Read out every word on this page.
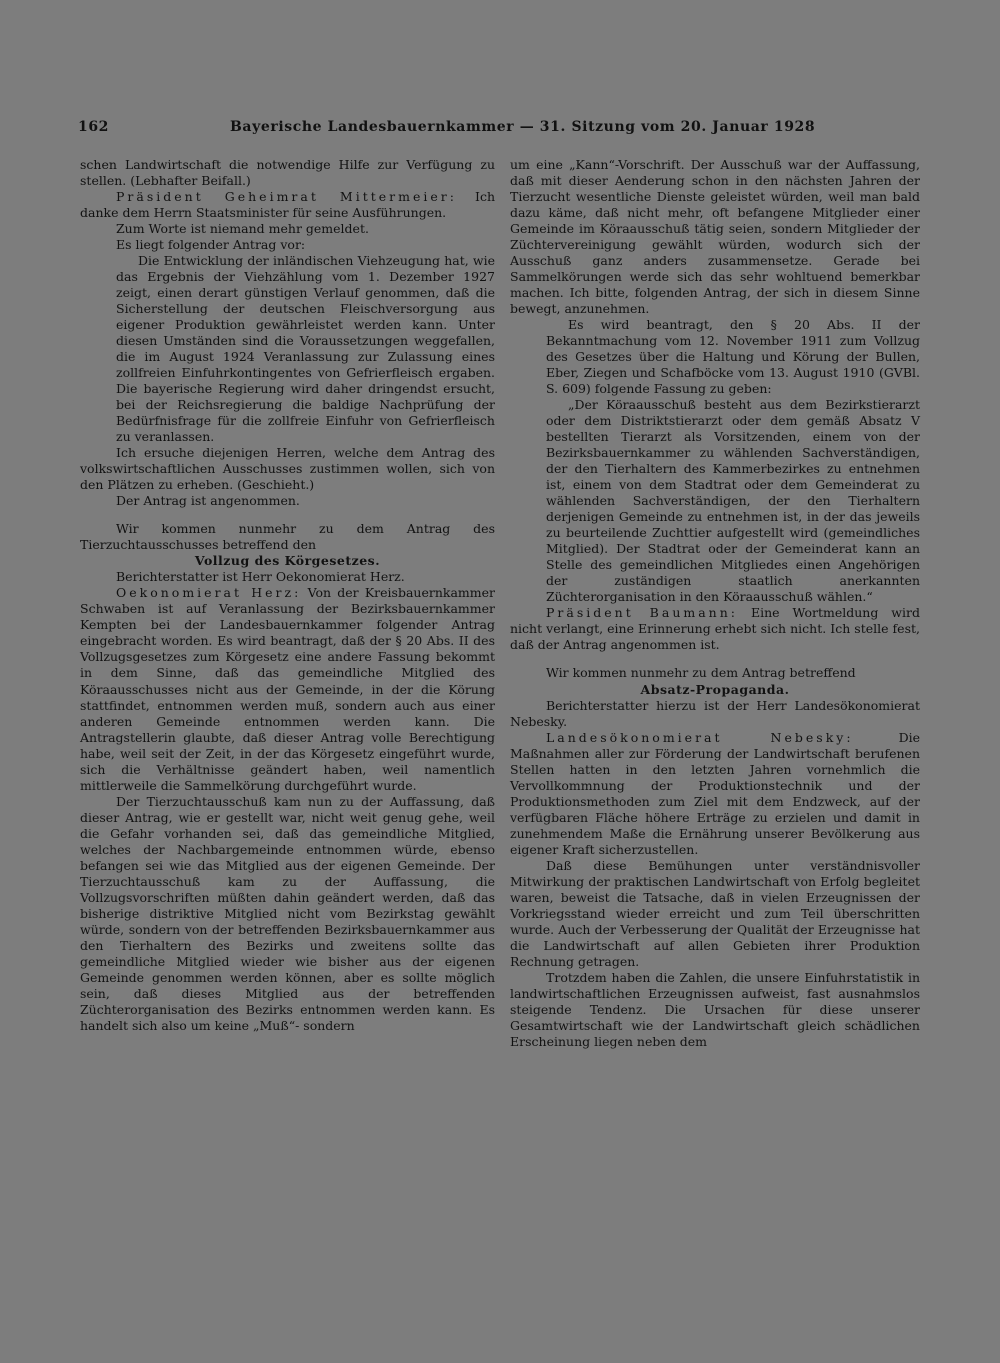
162	Bayerische Landesbauernkammer — 31. Sitzung vom 20. Januar 1928

schen Landwirtschaft die notwendige Hilfe zur Verfügung zu stellen. (Lebhafter Beifall.)

Präsident Geheimrat Mittermeier: Ich danke dem Herrn Staatsminister für seine Ausführungen.

Zum Worte ist niemand mehr gemeldet.

Es liegt folgender Antrag vor:

Die Entwicklung der inländischen Viehzeugung hat, wie das Ergebnis der Viehzählung vom 1. Dezember 1927 zeigt, einen derart günstigen Verlauf genommen, daß die Sicherstellung der deutschen Fleischversorgung aus eigener Produktion gewährleistet werden kann. Unter diesen Umständen sind die Voraussetzungen weggefallen, die im August 1924 Veranlassung zur Zulassung eines zollfreien Einfuhrkontingentes von Gefrierfleisch ergaben. Die bayerische Regierung wird daher dringendst ersucht, bei der Reichsregierung die baldige Nachprüfung der Bedürfnisfrage für die zollfreie Einfuhr von Gefrierfleisch zu veranlassen.

Ich ersuche diejenigen Herren, welche dem Antrag des volkswirtschaftlichen Ausschusses zustimmen wollen, sich von den Plätzen zu erheben. (Geschieht.)

Der Antrag ist angenommen.

Wir kommen nunmehr zu dem Antrag des Tierzuchtausschusses betreffend den

Vollzug des Körgesetzes.

Berichterstatter ist Herr Oekonomierat Herz.

Oekonomierat Herz: Von der Kreisbauernkammer Schwaben ist auf Veranlassung der Bezirksbauernkammer Kempten bei der Landesbauernkammer folgender Antrag eingebracht worden. Es wird beantragt, daß der § 20 Abs. II des Vollzugsgesetzes zum Körgesetz eine andere Fassung bekommt in dem Sinne, daß das gemeindliche Mitglied des Köraausschusses nicht aus der Gemeinde, in der die Körung stattfindet, entnommen werden muß, sondern auch aus einer anderen Gemeinde entnommen werden kann. Die Antragstellerin glaubte, daß dieser Antrag volle Berechtigung habe, weil seit der Zeit, in der das Körgesetz eingeführt wurde, sich die Verhältnisse geändert haben, weil namentlich mittlerweile die Sammelkörung durchgeführt wurde.

Der Tierzuchtausschuß kam nun zu der Auffassung, daß dieser Antrag, wie er gestellt war, nicht weit genug gehe, weil die Gefahr vorhanden sei, daß das gemeindliche Mitglied, welches der Nachbargemeinde entnommen würde, ebenso befangen sei wie das Mitglied aus der eigenen Gemeinde. Der Tierzuchtausschuß kam zu der Auffassung, die Vollzugsvorschriften müßten dahin geändert werden, daß das bisherige distriktive Mitglied nicht vom Bezirkstag gewählt würde, sondern von der betreffenden Bezirksbauernkammer aus den Tierhaltern des Bezirks und zweitens sollte das gemeindliche Mitglied wieder wie bisher aus der eigenen Gemeinde genommen werden können, aber es sollte möglich sein, daß dieses Mitglied aus der betreffenden Züchterorganisation des Bezirks entnommen werden kann. Es handelt sich also um keine „Muß“- sondern

um eine „Kann“-Vorschrift. Der Ausschuß war der Auffassung, daß mit dieser Aenderung schon in den nächsten Jahren der Tierzucht wesentliche Dienste geleistet würden, weil man bald dazu käme, daß nicht mehr, oft befangene Mitglieder einer Gemeinde im Köraausschuß tätig seien, sondern Mitglieder der Züchtervereinigung gewählt würden, wodurch sich der Ausschuß ganz anders zusammensetze. Gerade bei Sammelkörungen werde sich das sehr wohltuend bemerkbar machen. Ich bitte, folgenden Antrag, der sich in diesem Sinne bewegt, anzunehmen.

Es wird beantragt, den § 20 Abs. II der Bekanntmachung vom 12. November 1911 zum Vollzug des Gesetzes über die Haltung und Körung der Bullen, Eber, Ziegen und Schafböcke vom 13. August 1910 (GVBl. S. 609) folgende Fassung zu geben:

„Der Köraausschuß besteht aus dem Bezirkstierarzt oder dem Distriktstierarzt oder dem gemäß Absatz V bestellten Tierarzt als Vorsitzenden, einem von der Bezirksbauernkammer zu wählenden Sachverständigen, der den Tierhaltern des Kammerbezirkes zu entnehmen ist, einem von dem Stadtrat oder dem Gemeinderat zu wählenden Sachverständigen, der den Tierhaltern derjenigen Gemeinde zu entnehmen ist, in der das jeweils zu beurteilende Zuchttier aufgestellt wird (gemeindliches Mitglied). Der Stadtrat oder der Gemeinderat kann an Stelle des gemeindlichen Mitgliedes einen Angehörigen der zuständigen staatlich anerkannten Züchterorganisation in den Köraausschuß wählen.“

Präsident Baumann: Eine Wortmeldung wird nicht verlangt, eine Erinnerung erhebt sich nicht. Ich stelle fest, daß der Antrag angenommen ist.

Wir kommen nunmehr zu dem Antrag betreffend

Absatz-Propaganda.

Berichterstatter hierzu ist der Herr Landesökonomierat Nebesky.

Landesökonomierat Nebesky:	Die Maßnahmen aller zur Förderung der Landwirtschaft berufenen Stellen hatten in den letzten Jahren vornehmlich die Vervollkommnung der Produktionstechnik und der Produktionsmethoden zum Ziel mit dem Endzweck, auf der verfügbaren Fläche höhere Erträge zu erzielen und damit in zunehmendem Maße die Ernährung unserer Bevölkerung aus eigener Kraft sicherzustellen.

Daß diese Bemühungen unter verständnisvoller Mitwirkung der praktischen Landwirtschaft von Erfolg begleitet waren, beweist die Tatsache, daß in vielen Erzeugnissen der Vorkriegsstand wieder erreicht und zum Teil überschritten wurde. Auch der Verbesserung der Qualität der Erzeugnisse hat die Landwirtschaft auf allen Gebieten ihrer Produktion Rechnung getragen.

Trotzdem haben die Zahlen, die unsere Einfuhrstatistik in landwirtschaftlichen Erzeugnissen aufweist, fast ausnahmslos steigende Tendenz. Die Ursachen für diese unserer Gesamtwirtschaft wie der Landwirtschaft gleich schädlichen Erscheinung liegen neben dem
